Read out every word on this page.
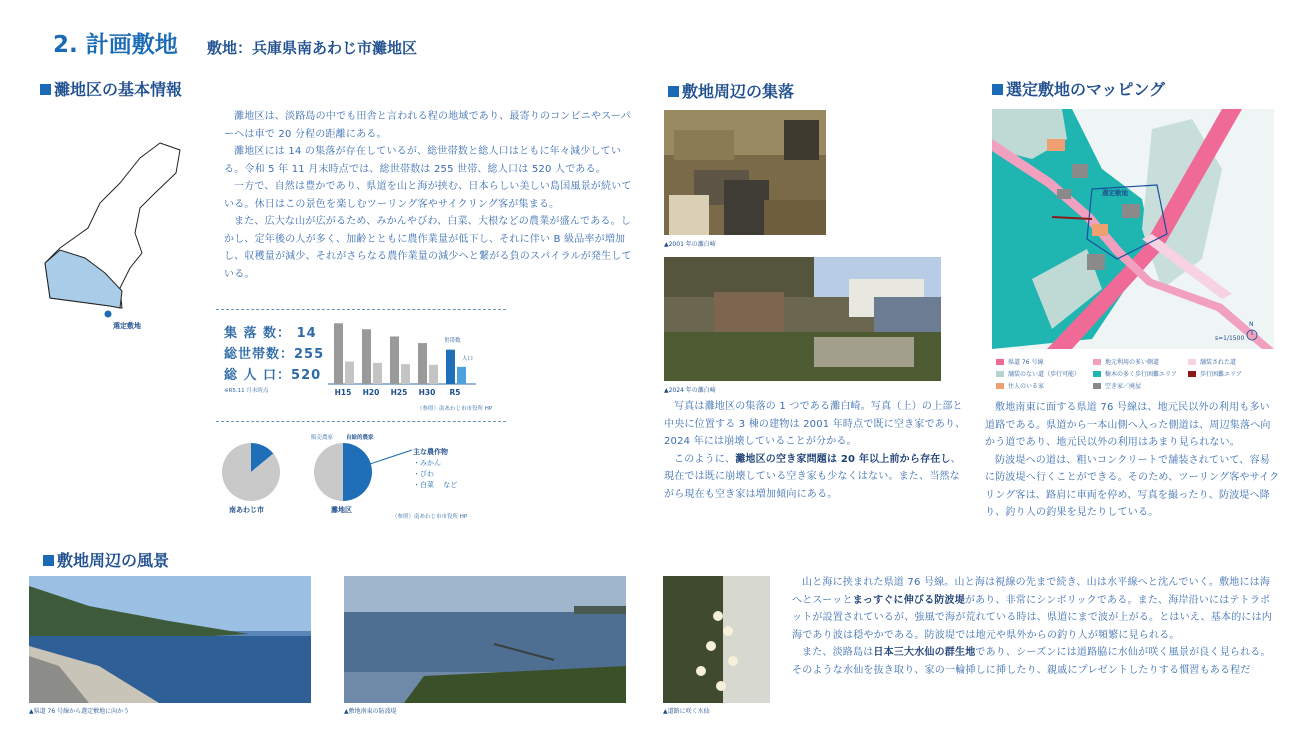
2. 計画敷地 敷地：兵庫県南あわじ市灘地区
灘地区の基本情報
選定敷地

灘地区は、淡路島の中でも田舎と言われる程の地域であり、最寄りのコンビニやスーパーへは車で 20 分程の距離にある。

灘地区には 14 の集落が存在しているが、総世帯数と総人口はともに年々減少している。令和 5 年 11 月末時点では、総世帯数は 255 世帯、総人口は 520 人である。

一方で、自然は豊かであり、県道を山と海が挟む、日本らしい美しい島国風景が続いている。休日はこの景色を楽しむツーリング客やサイクリング客が集まる。

また、広大な山が広がるため、みかんやびわ、白菜、大根などの農業が盛んである。しかし、定年後の人が多く、加齢とともに農作業量が低下し、それに伴い B 級品率が増加し、収穫量が減少、それがさらなる農作業量の減少へと繋がる負のスパイラルが発生している。

集 落 数： 14
総世帯数：255
総 人 口：520
※R5.11 月末時点	H15 H20 H25 H30 R5
世帯数
人口
（参照）南あわじ市市役所 HP
南あわじ市
販売農家 自給的農家
灘地区
主な農作物
・みかん
・びわ
・白菜　 など
（参照）南あわじ市市役所 HP
敷地周辺の集落
▲2001 年の灘白崎
▲2024 年の灘白崎

写真は灘地区の集落の 1 つである灘白崎。写真（上）の上部と中央に位置する 3 棟の建物は 2001 年時点で既に空き家であり、2024 年には崩壊していることが分かる。

このように、灘地区の空き家問題は 20 年以上前から存在し、現在では既に崩壊している空き家も少なくはない。また、当然ながら現在も空き家は増加傾向にある。

選定敷地のマッピング
選定敷地
s=1/1500
N
県道 76 号線	地元利用の多い側道	舗装された道
舗装のない道（歩行可能）	樹木の多く歩行困難エリア	歩行困難エリア
住人のいる家	空き家／廃屋

敷地南東に面する県道 76 号線は、地元民以外の利用も多い道路である。県道から一本山側へ入った側道は、周辺集落へ向かう道であり、地元民以外の利用はあまり見られない。

防波堤への道は、粗いコンクリートで舗装されていて、容易に防波堤へ行くことができる。そのため、ツーリング客やサイクリング客は、路肩に車両を停め、写真を撮ったり、防波堤へ降り、釣り人の釣果を見たりしている。

敷地周辺の風景
▲県道 76 号線から選定敷地に向かう	▲敷地南東の防波堤	▲道路に咲く水仙

山と海に挟まれた県道 76 号線。山と海は視線の先まで続き、山は水平線へと沈んでいく。敷地には海へとスーッとまっすぐに伸びる防波堤があり、非常にシンボリックである。また、海岸沿いにはテトラポットが設置されているが、強風で海が荒れている時は、県道にまで波が上がる。とはいえ、基本的には内海であり波は穏やかである。防波堤では地元や県外からの釣り人が頻繁に見られる。

また、淡路島は日本三大水仙の群生地であり、シーズンには道路脇に水仙が咲く風景が良く見られる。そのような水仙を抜き取り、家の一輪挿しに挿したり、親戚にプレゼントしたりする慣習もある程だ
